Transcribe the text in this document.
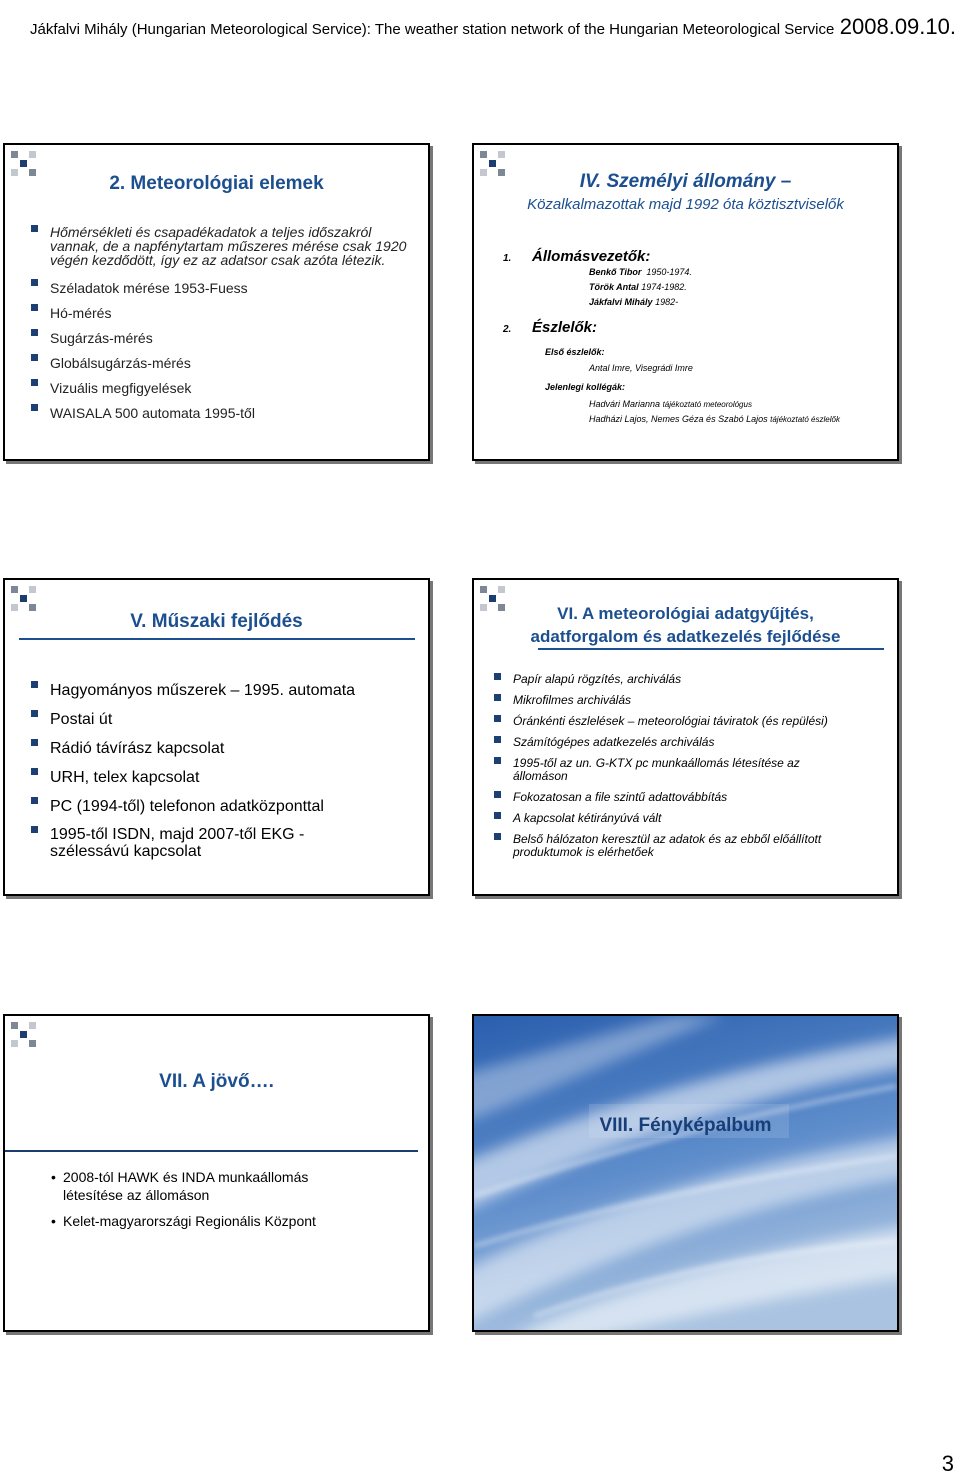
Jákfalvi Mihály (Hungarian Meteorological Service): The weather station network of the Hungarian Meteorological Service 2008.09.10.
2. Meteorológiai elemek
Hőmérsékleti és csapadékadatok a teljes időszakról vannak, de a napfénytartam műszeres mérése csak 1920 végén kezdődött, így ez az adatsor csak azóta létezik.
Széladatok mérése 1953-Fuess
Hó-mérés
Sugárzás-mérés
Globálsugárzás-mérés
Vizuális megfigyelések
WAISALA 500 automata 1995-től
IV. Személyi állomány –
Közalkalmazottak majd 1992 óta köztisztviselők
1. Állomásvezetők:
Benkő Tibor 1950-1974.
Török Antal 1974-1982.
Jákfalvi Mihály 1982-
2. Észlelők:
Első észlelők:
Antal Imre, Visegrádi Imre
Jelenlegi kollégák:
Hadvári Marianna tájékoztató meteorológus
Hadházi Lajos, Nemes Géza és Szabó Lajos tájékoztató észlelők
V. Műszaki fejlődés
Hagyományos műszerek – 1995. automata
Postai út
Rádió távírász kapcsolat
URH, telex kapcsolat
PC (1994-től) telefonon adatközponttal
1995-től ISDN, majd 2007-től EKG - szélessávú kapcsolat
VI. A meteorológiai adatgyűjtés,
adatforgalom és adatkezelés fejlődése
Papír alapú rögzítés, archiválás
Mikrofilmes archiválás
Óránkénti észlelések – meteorológiai táviratok (és repülési)
Számítógépes adatkezelés archiválás
1995-től az un. G-KTX pc munkaállomás létesítése az állomáson
Fokozatosan a file szintű adattovábbítás
A kapcsolat kétirányúvá vált
Belső hálózaton keresztül az adatok és az ebből előállított produktumok is elérhetőek
VII. A jövő….
• 2008-tól HAWK és INDA munkaállomás létesítése az állomáson
• Kelet-magyarországi Regionális Központ
VIII. Fényképalbum
3
